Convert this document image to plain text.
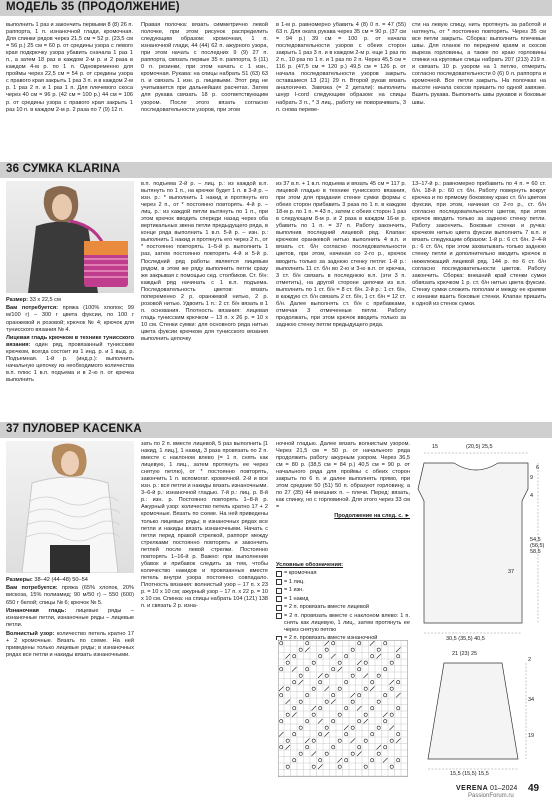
МОДЕЛЬ 35 (ПРОДОЛЖЕНИЕ)

выполнить 1 раз и закончить первыми 8 (8) 26 п. раппорта, 1 п. изнаночной глади, кромочная. Для спинки рядов через 21,5 см = 52 р. (23,5 см = 56 р.) 25 см = 60 р. от средины узора с левого края подкрючку узора убавить сначала 1 раз 1 п., а затем 18 раз в каждом 2-м р. и 2 раза в каждом 4-м р. по 1 п. Одновременно для проймы через 22,5 см = 54 р. от средины узора с правого края закрыть 1 раз 3 п. и в каждом 2-м р. 1 раз 2 п. и 1 раз 1 п. Для плечевого скоса через 40 см = 96 р. (42 см = 100 р.) 44 см = 106 р. от средины узора с правого края закрыть 1 раз 10 п. в каждом 2-м р. 2 раза по 7 (9) 12 п.

Правая полочка: вязать симметрично левой полочке, при этом рисунок распределить следующим образом: кромочная, 1 п. изнаночной глади, 44 (44) 62 п. ажурного узора, при этом начать с последних 9 (9) 27 п. раппорта, связать первые 35 п. раппорта, 5 (11) 0 п. резинки, при этом начать с 1 изн., кромочная. Рукава: на спицы набрать 51 (63) 63 п. и связать 1 изн. р. лицевыми. Этот ряд не учитывается при дальнейших расчетах. Затем для рукава связать 18 р. соответствующим узором. После этого вязать согласно последовательности узоров, при этом

в 1-м р. равномерно убавить 4 (8) 0 п. = 47 (55) 63 п. Для оката рукава через 35 см = 90 р. (37 см = 94 р.) 39 см = 100 р. от начала последовательности узоров с обеих сторон закрыть 1 раз 3 п. и в каждом 2-м р. еще 1 раз по 2 п., 10 раз по 1 п. и 1 раз по 2 п. Через 45,5 см = 116 р. (47,5 см = 120 р.) 49,5 см = 126 р. от начала последовательности узоров закрыть оставшиеся 13 (21) 29 п. Второй рукав вязать аналогично. Завязка (= 2 детали): выполнить шнур I-cord следующим образом: на спицы набрать 3 п., * 3 лиц., работу не поворачивать, 3 п. снова переве-

сти на левую спицу, нить протянуть за работой и натянуть, от * постоянно повторять. Через 35 см все петли закрыть. Сборка: выполнить плечевые швы. Для планок по переднем краям и скосов выреза горловины, а также по краю горловины спинки на круговые спицы набрать 207 (213) 219 п. и связать 10 р. узором на 1 петлю, отмерить согласно последовательности 0 (6) 0 л. раппорта и кромочной. Все петли закрыть. На полочках на высоте начала скосов пришить по одной завязке. Вшить рукава. Выполнить швы рукавов и боковые швы.

36 СУМКА KLARINA

Размер: 33 х 22,5 см

Вам потребуется: пряжа (100% хлопок; 99 м/100 г) – 300 г цвета фуксии, по 100 г оранжевой и розовой; крючок № 4; крючок для тунисского вязания № 4.

Лицевая гладь крючком в технике тунисского вязания: один ряд, провязанный тунисским крючком, всегда состоит из 1 инд. р. и 1 выд. р. Подъемная. 1-й р. (инд.р.): выполнить начальную цепочку из необходимого количества в.п. плюс 1 в.п. подъема и в 2-ю п. от крючка выполнить

в.п. подъема 2-й р. – лиц. р.: из каждой в.п. вытянуть по 1 п., на крючке будет 1 п. в 3-й р. – изн. р.: * выполнить 1 накид и протянуть его через 2 п., от * постоянно повторять. 4-й р. – лиц. р.: из каждой петли вытянуть по 1 п., при этом крючок вводить спереди назад через оба вертикальных звена петли предыдущего ряда, в конце ряда выполнить 1 в.п. 5-й р. – изн. р.: выполнить 1 накид и протянуть его через 2 п., от * постоянно повторять. 1–5-й р. выполнить 1 раз, затем постоянно повторять 4-й и 5-й р. Последний ряд работы является лицевым рядом, в этом же ряду выполнить петли сразу же закрывая с помощью сед. столбиков. Ст. б/н: каждый ряд начинать с 1 в.п. подъема. Последовательность цветов: вязать попеременно 2 р. оранжевой нитью, 2 р. розовой нитью. Удвоить 1 п.: 2 ст. б/н вязать в 1 п. основания. Плотность вязания: лицевая гладь тунисским крючком – 13 п. х 26 р. = 10 х 10 см. Стенки сумки: для основного ряда нитью цвета фуксии крючком для тунисского вязания выполнить цепочку

из 37 в.п. + 1 в.п. подъема и вязать 45 см = 117 р. лицевой гладью в технике тунисского вязания, при этом для придания стенке сумки формы с обеих сторон прибавить 3 раза по 1 п. в каждом 18-м р. по 1 п. = 43 п., затем с обеих сторон 1 раз в следующем 8-м р. и 2 раза в каждом 16-м р. убавить по 1 п. = 37 п. Работу закончить, выполнив последний лицевой ряд. Клапан: крючком оранжевой нитью выполнить 4 в.п. и вязать ст. б/н согласно последовательности цветов, при этом, начиная со 2-го р., крючок вводить только за заднюю стенку петли: 1-й р.: выполнить 11 ст. б/н во 2-ю и 3-ю в.п. от крючка, 3 ст. б/н связать в последнюю в.п. (эти 3 п. отметить), на другой стороне цепочки из в.п. выполнить по 1 ст. б/н = 8 ст. б/н. 2-й р.: 1 ст. б/н, в каждую ст. б/н связать 2 ст. б/н, 1 ст. б/н = 12 ст. б/н. Далее выполнять ст. б/н с прибавками, отмечая 3 отмеченные петли. Работу продолжать, при этом крючок вводить только за заднюю стенку петли предыдущего ряда.

13–17-й р.: равномерно прибавить по 4 п. = 60 ст. б/н. 18-й р.: 60 ст. б/н. Работу повернуть вокруг крючка и по прямому боковому краю ст. б/н цветом фуксии, при этом, начиная со 2-го р., ст. б/н согласно последовательности цветов, при этом крючок вводить только за заднюю стенку петли. Работу закончить. Боковые стенки и ручка: крючком нитью цвета фуксии выполнить 7 в.п. и вязать следующим образом: 1-й р.: 6 ст. б/н. 2–4-й р.: 6 ст. б/н, при этом захватывать только заднюю стенку петли и дополнительно вводить крючок в нижележащий лицевой ряд. 144 р. по 6 ст. б/н согласно последовательности цветов. Работу закончить. Сборка: внешний край стенки сумки обвязать крючком 1 р. ст. б/н нитью цвета фуксии. Стенку сумки сложить пополам и между ее краями с изнанки вшить боковые стенки. Клапан пришить к одной из стенок сумки.

37 ПУЛОВЕР KACENKA

Размеры: 38–42 (44–48) 50–54

Вам потребуется: пряжа (65% хлопок, 20% вискоза, 15% полиамид; 90 м/50 г) – 550 (600) 650 г белой; спицы № 6; крючок № 5.

Изнаночная гладь: лицевые ряды – изнаночные петли, изнаночные ряды – лицевые петли.

Волнистый узор: количество петель кратно 17 + 2 кромочные. Вязать по схеме. На ней приведены только лицевые ряды; в изнаночных рядах все петли и накиды вязать изнаночными.

зать по 2 п. вместе лицевой, 5 раз выполнить [1 накид, 1 лиц.], 1 накид, 3 раза провязать по 2 п. вместе с наклоном влево (= 1 п. снять как лицевую, 1 лиц., затем протянуть ее через снятую петлю), от * постоянно повторять, закончить 1 п. вспомогат. кромочной. 2-й и все изн. р.: все петли и накиды вязать изнаночными. 3–6-й р.: изнаночной гладью. 7-й р.: лиц. р. 8-й р.: изн. р. Постоянно повторять 1–8-й р. Ажурный узор: количество петель кратно 17 + 2 кромочные. Вязать по схеме. На ней приведены только лицевые ряды; в изнаночных рядах все петли и накиды вязать изнаночными. Начать с петли перед правой стрелкой, раппорт между стрелками постоянно повторять и закончить петлей после левой стрелки. Постоянно повторять 1–16-й р. Важно: при выполнении убавок и прибавок следить за тем, чтобы количество накидов и провязанных вместе петель внутри узора постоянно совпадало. Плотность вязания: волнистый узор – 17 п. х 23 р. = 10 х 10 см; ажурный узор – 17 п. х 22 р. = 10 х 10 см. Спинка: на спицы набрать 104 (121) 138 п. и связать 2 р. изна-

ночной гладью. Далее вязать волнистым узором. Через 21,5 см = 50 р. от начального ряда продолжить работу ажурным узором. Через 36,5 см = 80 р. (38,5 см = 84 р.) 40,5 см = 90 р. от начального ряда для проймы с обеих сторон закрыть по 6 п. и далее выполнять прямо, при этом средние 50 (51) 50 п. образуют горловину, а по 27 (35) 44 внешних п. – плечи. Перед: вязать, как спинку, но с горловиной. Для этого через 33 см =

Продолжение на след. с. ►

Условные обозначения:

= кромочная

= 1 лиц.

= 1 изн.

= 1 накид

= 2 п. провязать вместе лицевой

= 2 п. провязать вместе с наклоном влево: 1 п. снять как лицевую, 1 лиц., затем протянуть ее через снятую петлю

= 2 п. провязать вместе изнаночной

15	(20,5) 25,5
6
9
4
54,5 (56,5) 58,5
37
30,5 (35,5) 40,5
21 (23) 25
2
34
19
15,5 (15,5) 15,5
VERENA 01–2024 49
PassionForum.ru
